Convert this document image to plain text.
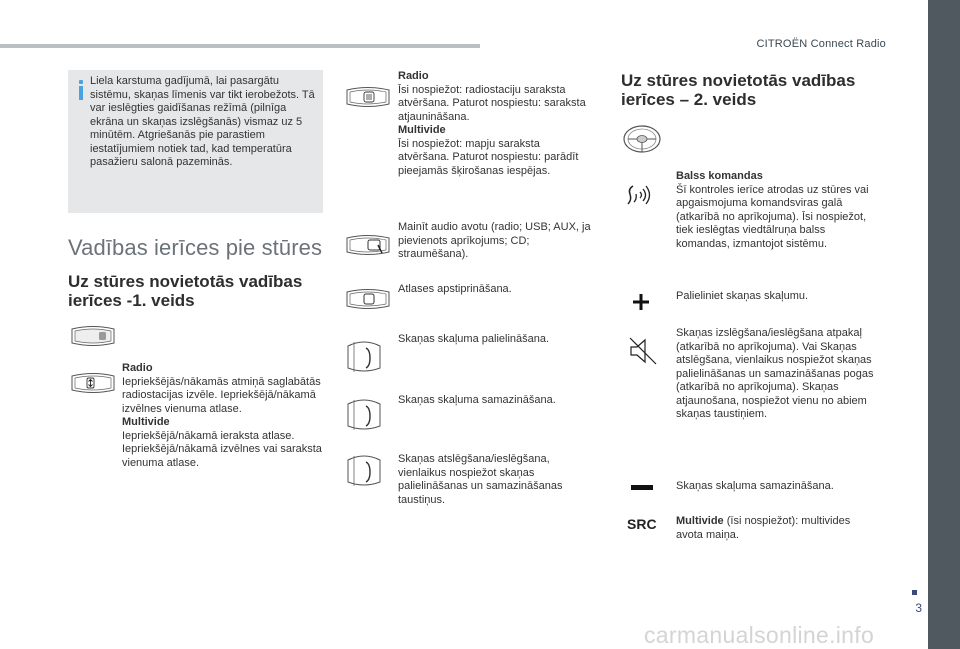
CITROËN Connect Radio
3
carmanualsonline.info
Liela karstuma gadījumā, lai pasargātu sistēmu, skaņas līmenis var tikt ierobežots. Tā var ieslēgties gaidīšanas režīmā (pilnīga ekrāna un skaņas izslēgšanās) vismaz uz 5 minūtēm. Atgriešanās pie parastiem iestatījumiem notiek tad, kad temperatūra pasažieru salonā pazeminās.
Vadības ierīces pie stūres
Uz stūres novietotās vadības ierīces -1. veids
Radio
Iepriekšējās/nākamās atmiņā saglabātās radiostacijas izvēle. Iepriekšējā/nākamā izvēlnes vienuma atlase.
Multivide
Iepriekšējā/nākamā ieraksta atlase. Iepriekšējā/nākamā izvēlnes vai saraksta vienuma atlase.
Radio
Īsi nospiežot: radiostaciju saraksta atvēršana. Paturot nospiestu: saraksta atjaunināšana.
Multivide
Īsi nospiežot: mapju saraksta atvēršana. Paturot nospiestu: parādīt pieejamās šķirošanas iespējas.
Mainīt audio avotu (radio; USB; AUX, ja pievienots aprīkojums; CD; straumēšana).
Atlases apstiprināšana.
Skaņas skaļuma palielināšana.
Skaņas skaļuma samazināšana.
Skaņas atslēgšana/ieslēgšana, vienlaikus nospiežot skaņas palielināšanas un samazināšanas taustiņus.
Uz stūres novietotās vadības ierīces – 2. veids
Balss komandas
Šī kontroles ierīce atrodas uz stūres vai apgaismojuma komandsviras galā (atkarībā no aprīkojuma). Īsi nospiežot, tiek ieslēgtas viedtālruņa balss komandas, izmantojot sistēmu.
Palieliniet skaņas skaļumu.
Skaņas izslēgšana/ieslēgšana atpakaļ (atkarībā no aprīkojuma). Vai Skaņas atslēgšana, vienlaikus nospiežot skaņas palielināšanas un samazināšanas pogas (atkarībā no aprīkojuma). Skaņas atjaunošana, nospiežot vienu no abiem skaņas taustiņiem.
Skaņas skaļuma samazināšana.
SRC Multivide (īsi nospiežot): multivides avota maiņa.
